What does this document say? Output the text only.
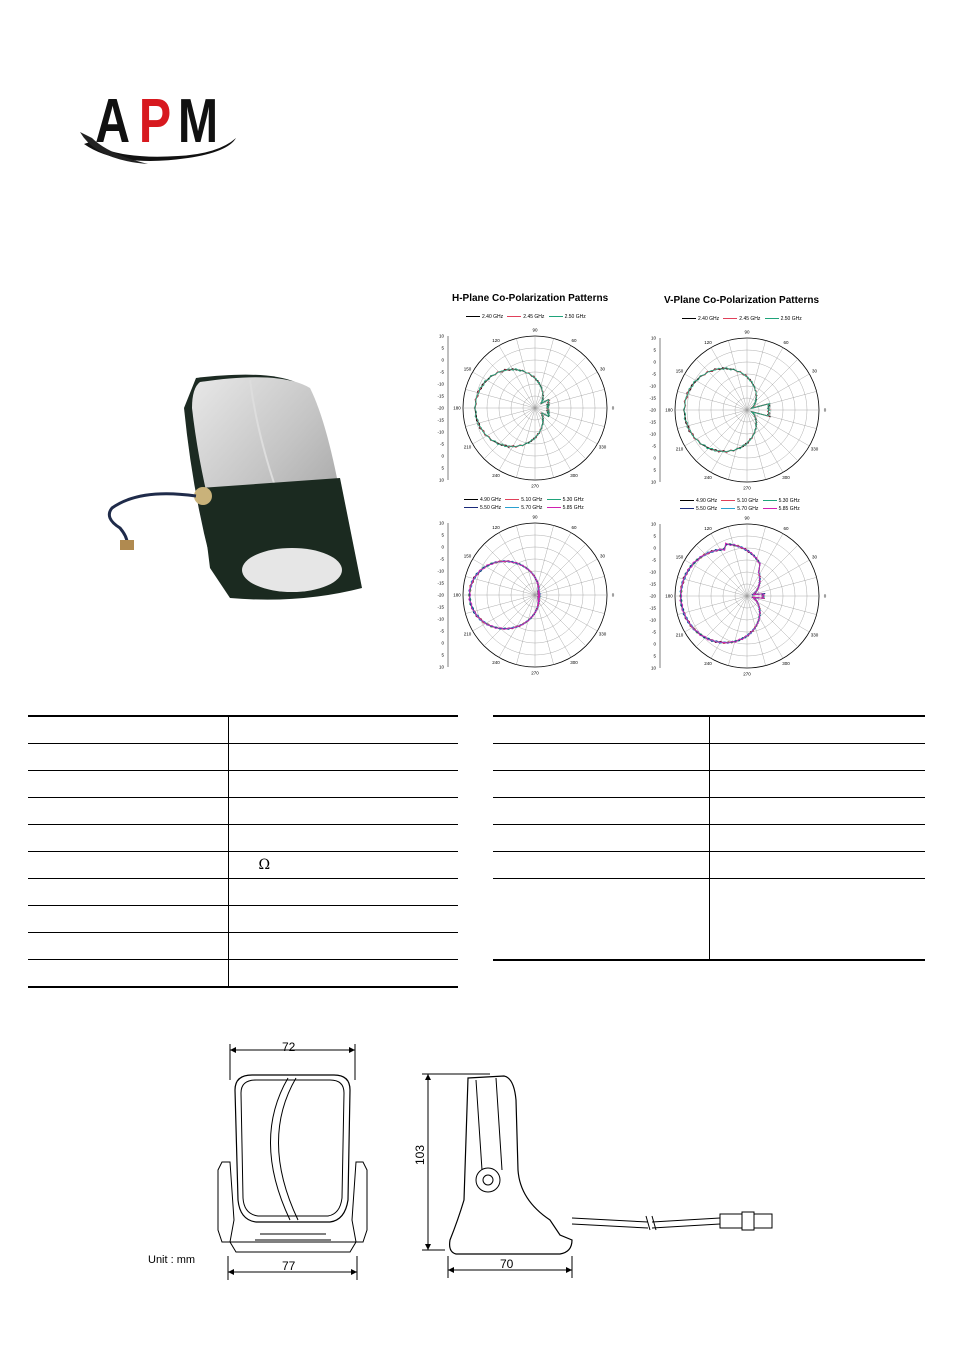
A P M
H-Plane Co-Polarization Patterns	V-Plane Co-Polarization Patterns
2.40 GHz	2.45 GHz	2.50 GHz	2.40 GHz	2.45 GHz	2.50 GHz
4.90 GHz	5.10 GHz	5.30 GHz
5.50 GHz	5.70 GHz	5.85 GHz
4.90 GHz	5.10 GHz	5.30 GHz
5.50 GHz	5.70 GHz	5.85 GHz
10
5
0
-5
-10
-15
-20
-15
-10
-5
0
5
10
90
60
30
0
330
300
270
240
210
180
150
120	10
5
0
-5
-10
-15
-20
-15
-10
-5
0
5
10
90
60
30
0
330
300
270
240
210
180
150
120
10
5
0
-5
-10
-15
-20
-15
-10
-5
0
5
10
90
60
30
0
330
300
270
240
210
180
150
120
10
5
0
-5
-10
-15
-20
-15
-10
-5
0
5
10
90
60
30
0
330
300
270
240
210
180
150
120

	Ω

72
77
103
70
Unit : mm
